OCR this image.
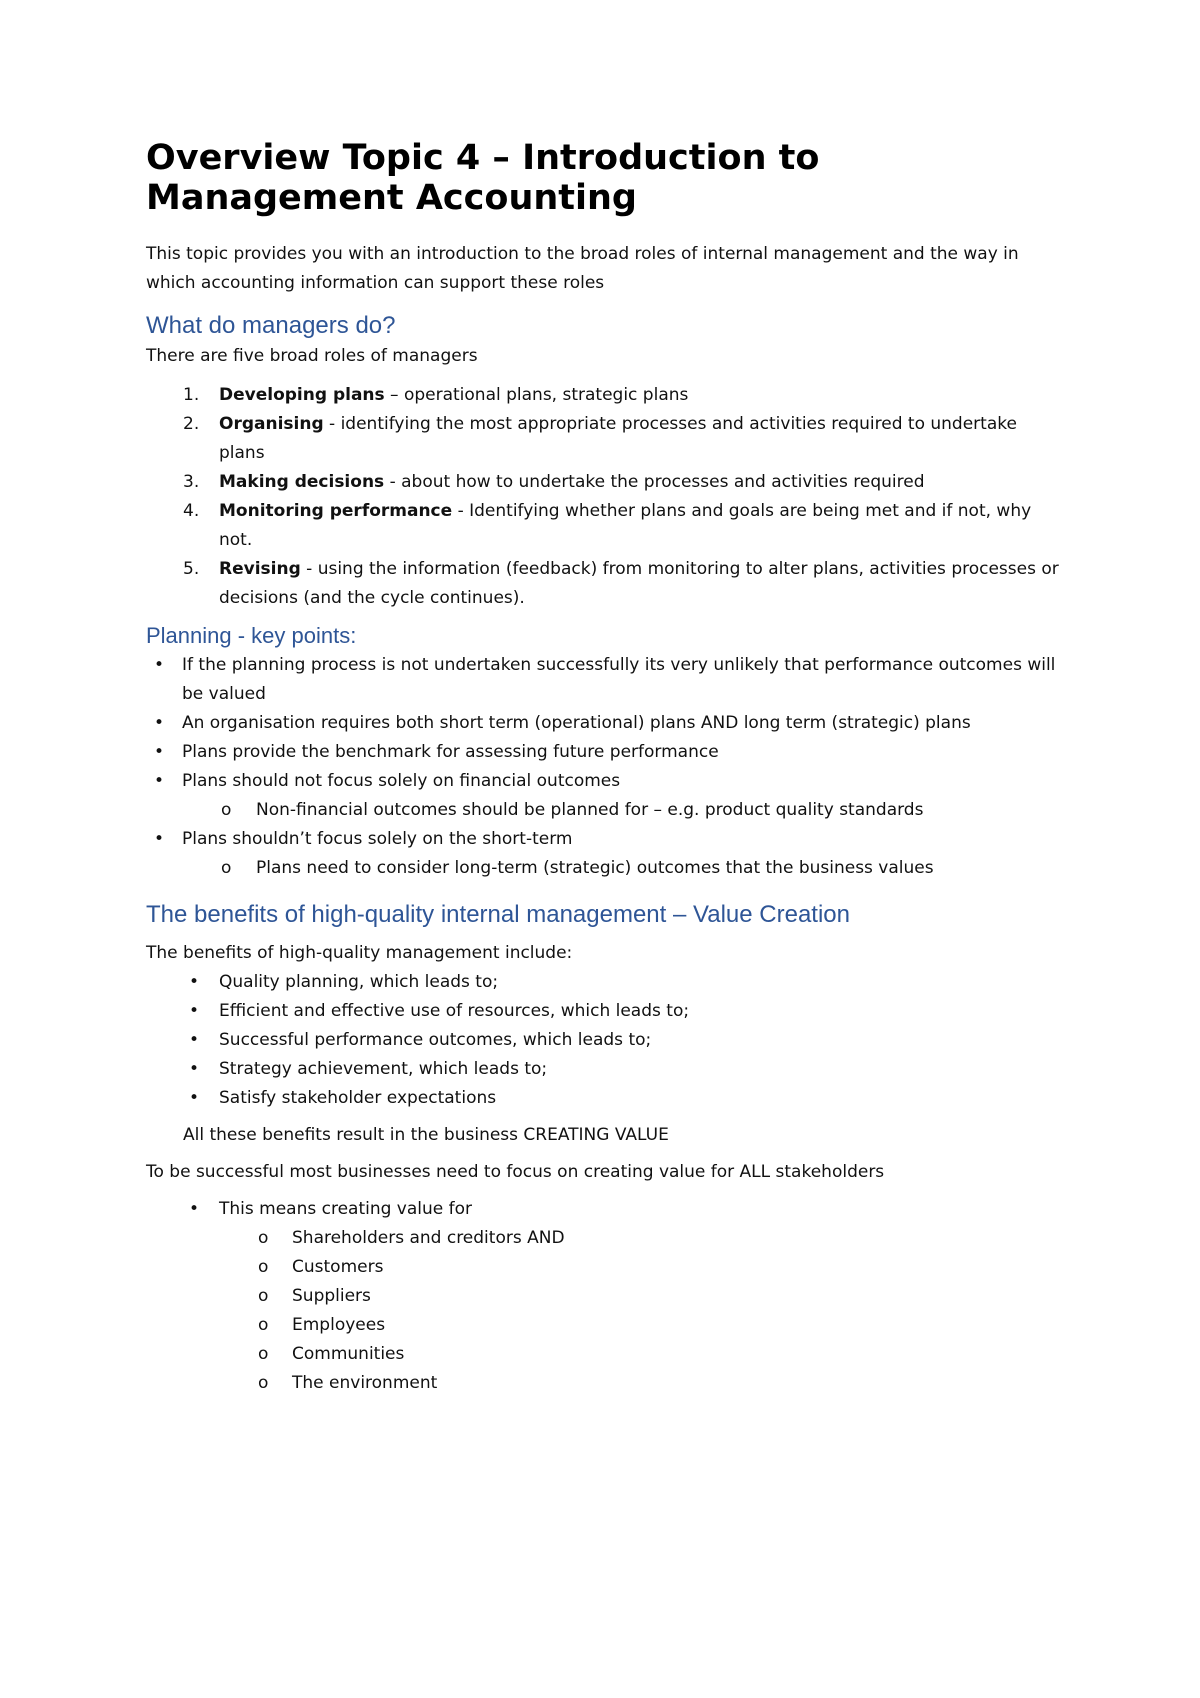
Overview Topic 4 – Introduction to Management Accounting

This topic provides you with an introduction to the broad roles of internal management and the way in which accounting information can support these roles

What do managers do?

There are five broad roles of managers

1. Developing plans – operational plans, strategic plans
2. Organising - identifying the most appropriate processes and activities required to undertake plans
3. Making decisions - about how to undertake the processes and activities required
4. Monitoring performance - Identifying whether plans and goals are being met and if not, why not.
5. Revising - using the information (feedback) from monitoring to alter plans, activities processes or decisions (and the cycle continues).
Planning - key points:
• If the planning process is not undertaken successfully its very unlikely that performance outcomes will be valued
• An organisation requires both short term (operational) plans AND long term (strategic) plans
• Plans provide the benchmark for assessing future performance
• Plans should not focus solely on financial outcomes
o Non-financial outcomes should be planned for – e.g. product quality standards
• Plans shouldn’t focus solely on the short-term
o Plans need to consider long-term (strategic) outcomes that the business values
The benefits of high-quality internal management – Value Creation

The benefits of high-quality management include:

• Quality planning, which leads to;
• Efficient and effective use of resources, which leads to;
• Successful performance outcomes, which leads to;
• Strategy achievement, which leads to;
• Satisfy stakeholder expectations

All these benefits result in the business CREATING VALUE

To be successful most businesses need to focus on creating value for ALL stakeholders

• This means creating value for
o Shareholders and creditors AND
o Customers
o Suppliers
o Employees
o Communities
o The environment
